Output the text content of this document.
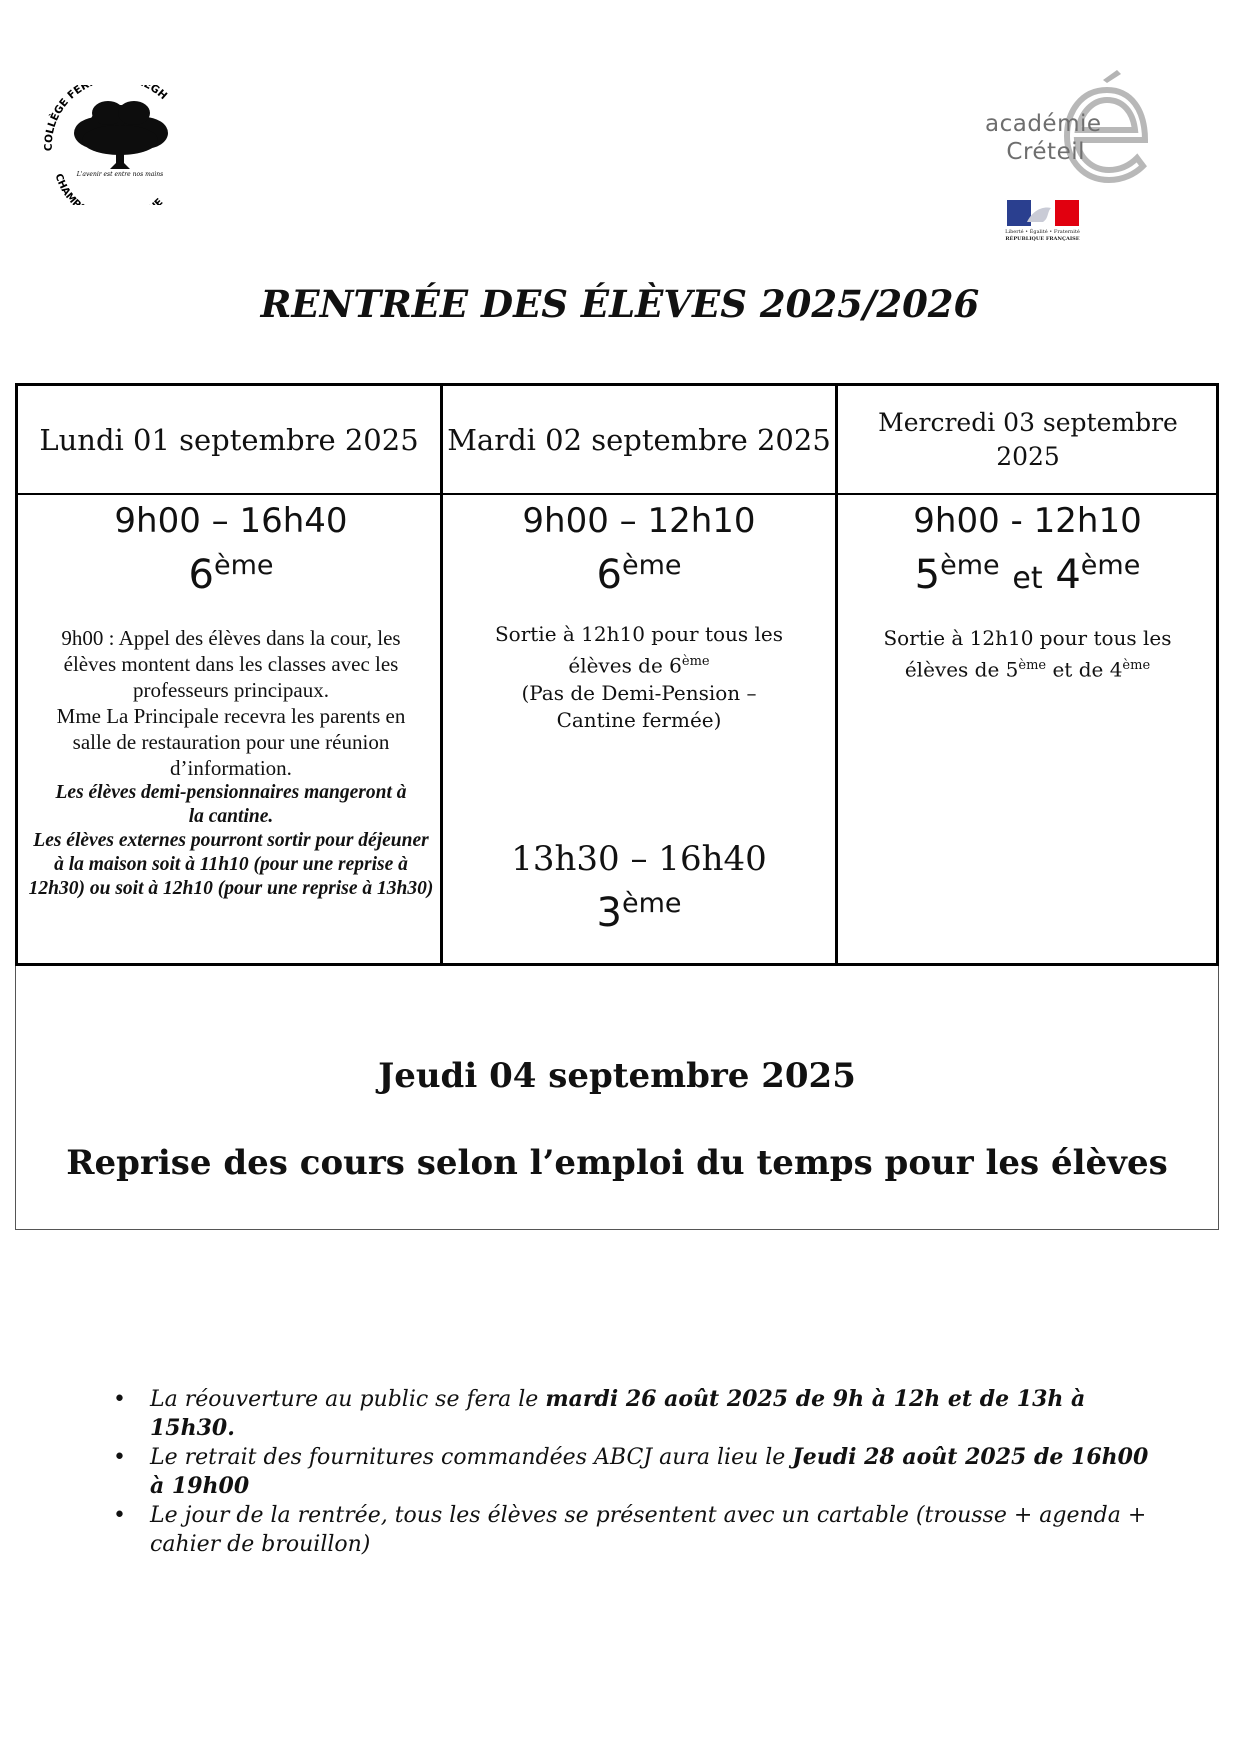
COLLÈGE FER EGH
CHAMP E
L'avenir est entre nos mains
académie
Créteil
Liberté • Égalité • Fraternité
RÉPUBLIQUE FRANÇAISE
RENTRÉE DES ÉLÈVES 2025/2026
Lundi 01 septembre 2025 Mardi 02 septembre 2025
Mercredi 03 septembre 2025
9h00 – 16h40
6ème
9h00 : Appel des élèves dans la cour, les élèves montent dans les classes avec les professeurs principaux.
Mme La Principale recevra les parents en salle de restauration pour une réunion d’information.
Les élèves demi-pensionnaires mangeront à la cantine.
Les élèves externes pourront sortir pour déjeuner à la maison soit à 11h10 (pour une reprise à 12h30) ou soit à 12h10 (pour une reprise à 13h30)
9h00 – 12h10
6ème
Sortie à 12h10 pour tous les élèves de 6ème
(Pas de Demi-Pension – Cantine fermée)
13h30 – 16h40
3ème
9h00 - 12h10
5ème et 4ème
Sortie à 12h10 pour tous les élèves de 5ème et de 4ème
Jeudi 04 septembre 2025
Reprise des cours selon l’emploi du temps pour les élèves
• La réouverture au public se fera le mardi 26 août 2025 de 9h à 12h et de 13h à 15h30.
• Le retrait des fournitures commandées ABCJ aura lieu le Jeudi 28 août 2025 de 16h00 à 19h00
• Le jour de la rentrée, tous les élèves se présentent avec un cartable (trousse + agenda + cahier de brouillon)
